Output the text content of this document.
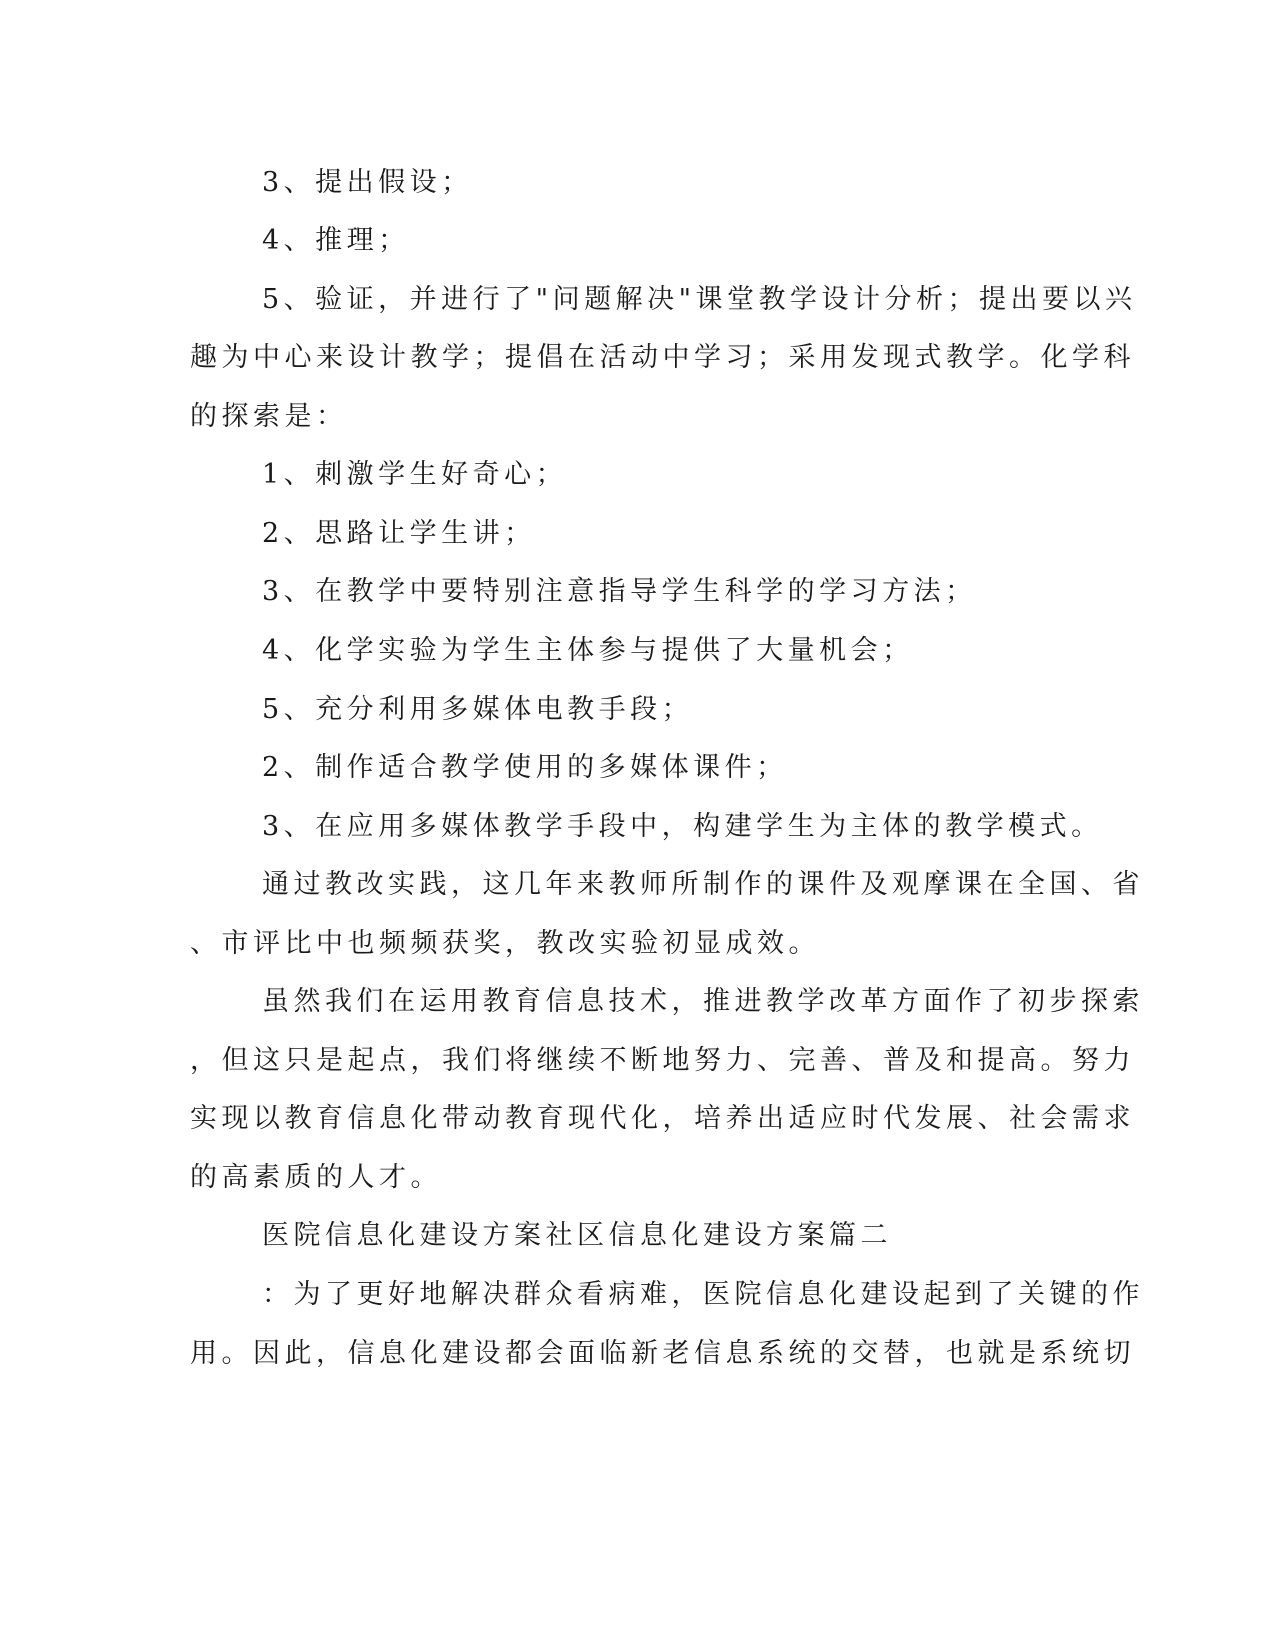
3、提出假设；
4、推理；
5、验证，并进行了"问题解决"课堂教学设计分析；提出要以兴
趣为中心来设计教学；提倡在活动中学习；采用发现式教学。化学科
的探索是：
1、刺激学生好奇心；
2、思路让学生讲；
3、在教学中要特别注意指导学生科学的学习方法；
4、化学实验为学生主体参与提供了大量机会；
5、充分利用多媒体电教手段；
2、制作适合教学使用的多媒体课件；
3、在应用多媒体教学手段中，构建学生为主体的教学模式。
通过教改实践，这几年来教师所制作的课件及观摩课在全国、省
、市评比中也频频获奖，教改实验初显成效。
虽然我们在运用教育信息技术，推进教学改革方面作了初步探索
，但这只是起点，我们将继续不断地努力、完善、普及和提高。努力
实现以教育信息化带动教育现代化，培养出适应时代发展、社会需求
的高素质的人才。
医院信息化建设方案社区信息化建设方案篇二
：为了更好地解决群众看病难，医院信息化建设起到了关键的作
用。因此，信息化建设都会面临新老信息系统的交替，也就是系统切
